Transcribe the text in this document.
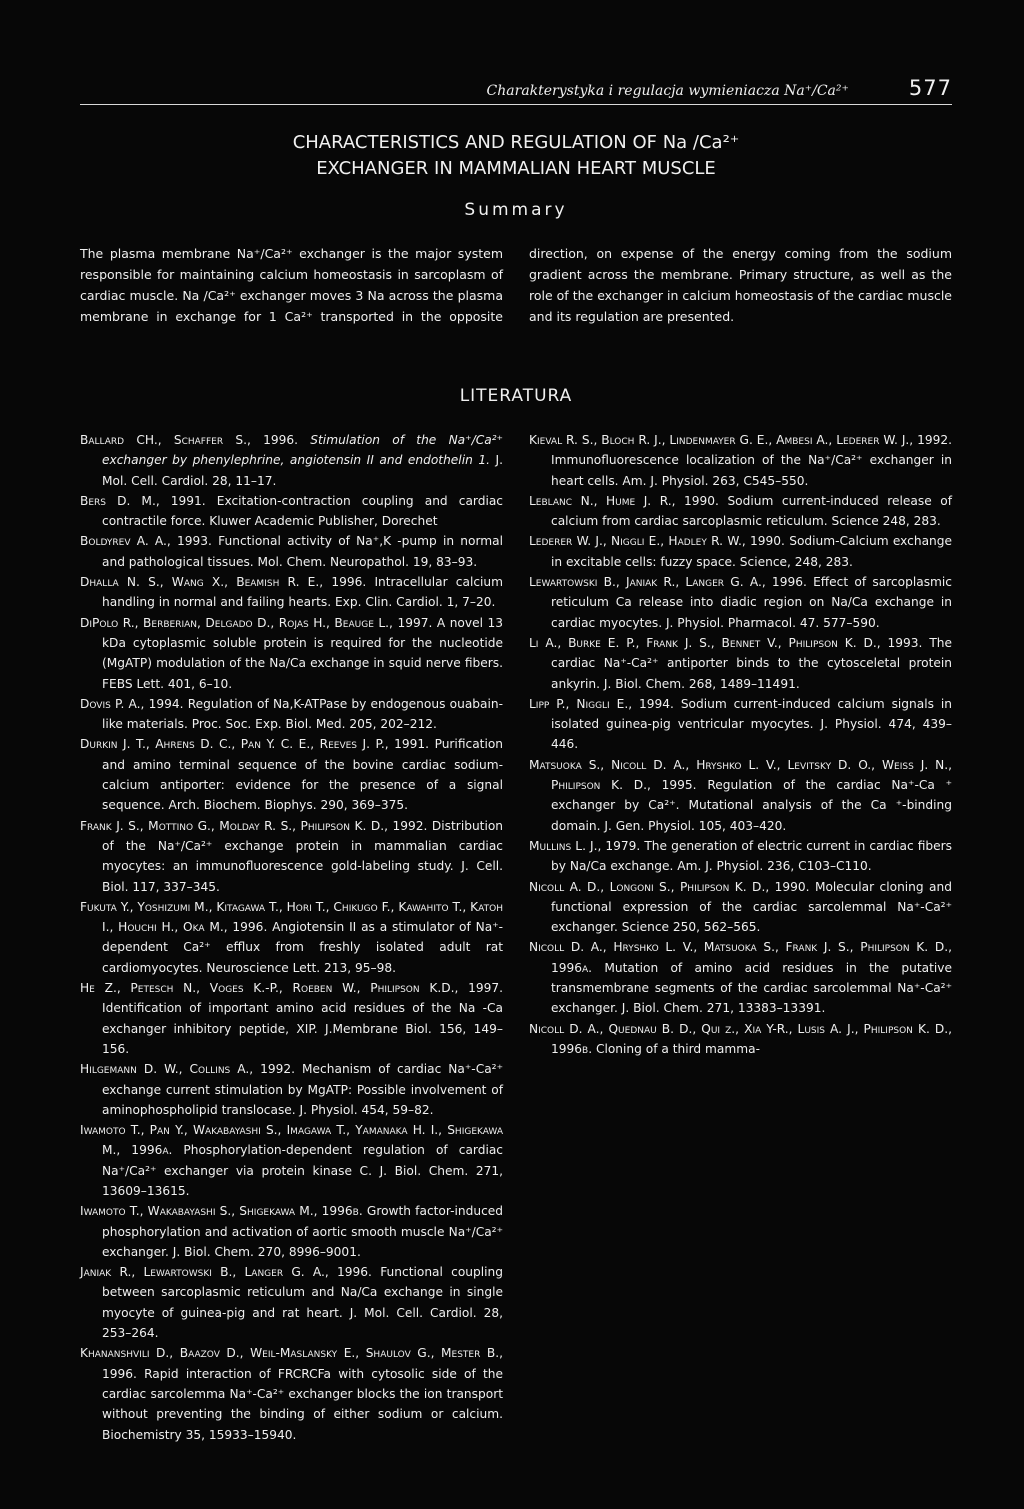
Charakterystyka i regulacja wymieniacza Na⁺/Ca²⁺	577
CHARACTERISTICS AND REGULATION OF Na /Ca²⁺
EXCHANGER IN MAMMALIAN HEART MUSCLE
Summary

The plasma membrane Na⁺/Ca²⁺ exchanger is the major system responsible for maintaining calcium homeostasis in sarcoplasm of cardiac muscle. Na /Ca²⁺ exchanger moves 3 Na across the plasma membrane in exchange for 1 Ca²⁺ transported in the opposite direction, on expense of the energy coming from the sodium gradient across the membrane. Primary structure, as well as the role of the exchanger in calcium homeostasis of the cardiac muscle and its regulation are presented.

LITERATURA

Ballard CH., Schaffer S., 1996. Stimulation of the Na⁺/Ca²⁺ exchanger by phenylephrine, angiotensin II and endothelin 1. J. Mol. Cell. Cardiol. 28, 11–17.

Bers D. M., 1991. Excitation-contraction coupling and cardiac contractile force. Kluwer Academic Publisher, Dorechet

Boldyrev A. A., 1993. Functional activity of Na⁺,K -pump in normal and pathological tissues. Mol. Chem. Neuropathol. 19, 83–93.

Dhalla N. S., Wang X., Beamish R. E., 1996. Intracellular calcium handling in normal and failing hearts. Exp. Clin. Cardiol. 1, 7–20.

DiPolo R., Berberian, Delgado D., Rojas H., Beauge L., 1997. A novel 13 kDa cytoplasmic soluble protein is required for the nucleotide (MgATP) modulation of the Na/Ca exchange in squid nerve fibers. FEBS Lett. 401, 6–10.

Dovis P. A., 1994. Regulation of Na,K-ATPase by endogenous ouabain-like materials. Proc. Soc. Exp. Biol. Med. 205, 202–212.

Durkin J. T., Ahrens D. C., Pan Y. C. E., Reeves J. P., 1991. Purification and amino terminal sequence of the bovine cardiac sodium-calcium antiporter: evidence for the presence of a signal sequence. Arch. Biochem. Biophys. 290, 369–375.

Frank J. S., Mottino G., Molday R. S., Philipson K. D., 1992. Distribution of the Na⁺/Ca²⁺ exchange protein in mammalian cardiac myocytes: an immunofluorescence gold-labeling study. J. Cell. Biol. 117, 337–345.

Fukuta Y., Yoshizumi M., Kitagawa T., Hori T., Chikugo F., Kawahito T., Katoh I., Houchi H., Oka M., 1996. Angiotensin II as a stimulator of Na⁺-dependent Ca²⁺ efflux from freshly isolated adult rat cardiomyocytes. Neuroscience Lett. 213, 95–98.

He Z., Petesch N., Voges K.-P., Roeben W., Philipson K.D., 1997. Identification of important amino acid residues of the Na -Ca exchanger inhibitory peptide, XIP. J.Membrane Biol. 156, 149–156.

Hilgemann D. W., Collins A., 1992. Mechanism of cardiac Na⁺-Ca²⁺ exchange current stimulation by MgATP: Possible involvement of aminophospholipid translocase. J. Physiol. 454, 59–82.

Iwamoto T., Pan Y., Wakabayashi S., Imagawa T., Yamanaka H. I., Shigekawa M., 1996a. Phosphorylation-dependent regulation of cardiac Na⁺/Ca²⁺ exchanger via protein kinase C. J. Biol. Chem. 271, 13609–13615.

Iwamoto T., Wakabayashi S., Shigekawa M., 1996b. Growth factor-induced phosphorylation and activation of aortic smooth muscle Na⁺/Ca²⁺ exchanger. J. Biol. Chem. 270, 8996–9001.

Janiak R., Lewartowski B., Langer G. A., 1996. Functional coupling between sarcoplasmic reticulum and Na/Ca exchange in single myocyte of guinea-pig and rat heart. J. Mol. Cell. Cardiol. 28, 253–264.

Khananshvili D., Baazov D., Weil-Maslansky E., Shaulov G., Mester B., 1996. Rapid interaction of FRCRCFa with cytosolic side of the cardiac sarcolemma Na⁺-Ca²⁺ exchanger blocks the ion transport without preventing the binding of either sodium or calcium. Biochemistry 35, 15933–15940.

Kieval R. S., Bloch R. J., Lindenmayer G. E., Ambesi A., Lederer W. J., 1992. Immunofluorescence localization of the Na⁺/Ca²⁺ exchanger in heart cells. Am. J. Physiol. 263, C545–550.

Leblanc N., Hume J. R., 1990. Sodium current-induced release of calcium from cardiac sarcoplasmic reticulum. Science 248, 283.

Lederer W. J., Niggli E., Hadley R. W., 1990. Sodium-Calcium exchange in excitable cells: fuzzy space. Science, 248, 283.

Lewartowski B., Janiak R., Langer G. A., 1996. Effect of sarcoplasmic reticulum Ca release into diadic region on Na/Ca exchange in cardiac myocytes. J. Physiol. Pharmacol. 47. 577–590.

Li A., Burke E. P., Frank J. S., Bennet V., Philipson K. D., 1993. The cardiac Na⁺-Ca²⁺ antiporter binds to the cytosceletal protein ankyrin. J. Biol. Chem. 268, 1489–11491.

Lipp P., Niggli E., 1994. Sodium current-induced calcium signals in isolated guinea-pig ventricular myocytes. J. Physiol. 474, 439–446.

Matsuoka S., Nicoll D. A., Hryshko L. V., Levitsky D. O., Weiss J. N., Philipson K. D., 1995. Regulation of the cardiac Na⁺-Ca ⁺ exchanger by Ca²⁺. Mutational analysis of the Ca ⁺-binding domain. J. Gen. Physiol. 105, 403–420.

Mullins L. J., 1979. The generation of electric current in cardiac fibers by Na/Ca exchange. Am. J. Physiol. 236, C103–C110.

Nicoll A. D., Longoni S., Philipson K. D., 1990. Molecular cloning and functional expression of the cardiac sarcolemmal Na⁺-Ca²⁺ exchanger. Science 250, 562–565.

Nicoll D. A., Hryshko L. V., Matsuoka S., Frank J. S., Philipson K. D., 1996a. Mutation of amino acid residues in the putative transmembrane segments of the cardiac sarcolemmal Na⁺-Ca²⁺ exchanger. J. Biol. Chem. 271, 13383–13391.

Nicoll D. A., Quednau B. D., Qui z., Xia Y-R., Lusis A. J., Philipson K. D., 1996b. Cloning of a third mamma-
